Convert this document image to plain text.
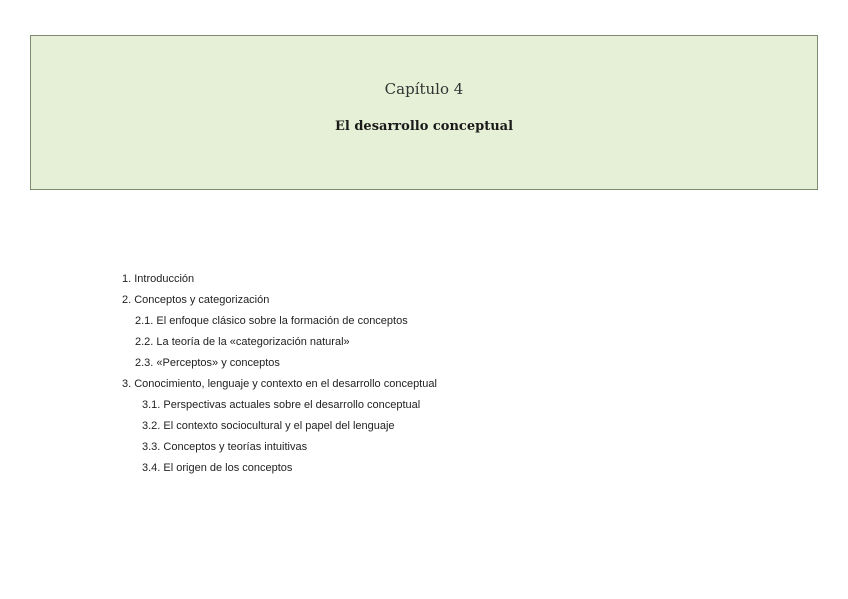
Capítulo 4
El desarrollo conceptual
1. Introducción
2. Conceptos y categorización
2.1. El enfoque clásico sobre la formación de conceptos
2.2. La teoría de la «categorización natural»
2.3. «Perceptos» y conceptos
3. Conocimiento, lenguaje y contexto en el desarrollo conceptual
3.1. Perspectivas actuales sobre el desarrollo conceptual
3.2. El contexto sociocultural y el papel del lenguaje
3.3. Conceptos y teorías intuitivas
3.4. El origen de los conceptos
